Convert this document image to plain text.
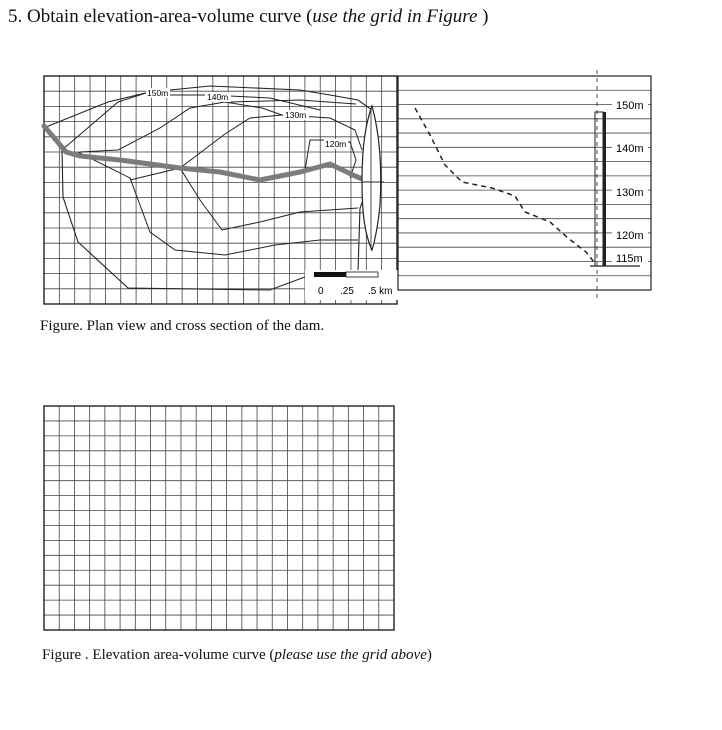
5. Obtain elevation-area-volume curve (use the grid in Figure )
150m	140m
130m
120m
0 .25 .5 km
150m
140m
130m
120m
115m
Figure. Plan view and cross section of the dam.
Figure . Elevation area-volume curve (please use the grid above)
